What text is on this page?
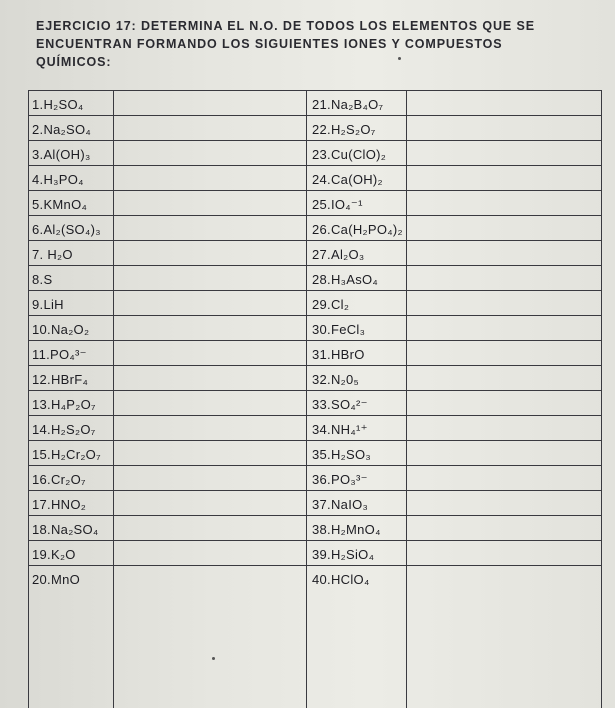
EJERCICIO 17: DETERMINA EL N.O. DE TODOS LOS ELEMENTOS QUE SE
ENCUENTRAN FORMANDO LOS SIGUIENTES IONES Y COMPUESTOS
QUÍMICOS:
1.H₂SO₄	21.Na₂B₄O₇
2.Na₂SO₄	22.H₂S₂O₇
3.Al(OH)₃	23.Cu(ClO)₂
4.H₃PO₄	24.Ca(OH)₂
5.KMnO₄	25.IO₄⁻¹
6.Al₂(SO₄)₃	26.Ca(H₂PO₄)₂
7. H₂O	27.Al₂O₃
8.S	28.H₃AsO₄
9.LiH	29.Cl₂
10.Na₂O₂	30.FeCl₃
11.PO₄³⁻	31.HBrO
12.HBrF₄	32.N₂0₅
13.H₄P₂O₇	33.SO₄²⁻
14.H₂S₂O₇	34.NH₄¹⁺
15.H₂Cr₂O₇	35.H₂SO₃
16.Cr₂O₇	36.PO₃³⁻
17.HNO₂	37.NaIO₃
18.Na₂SO₄	38.H₂MnO₄
19.K₂O	39.H₂SiO₄
20.MnO	40.HClO₄
